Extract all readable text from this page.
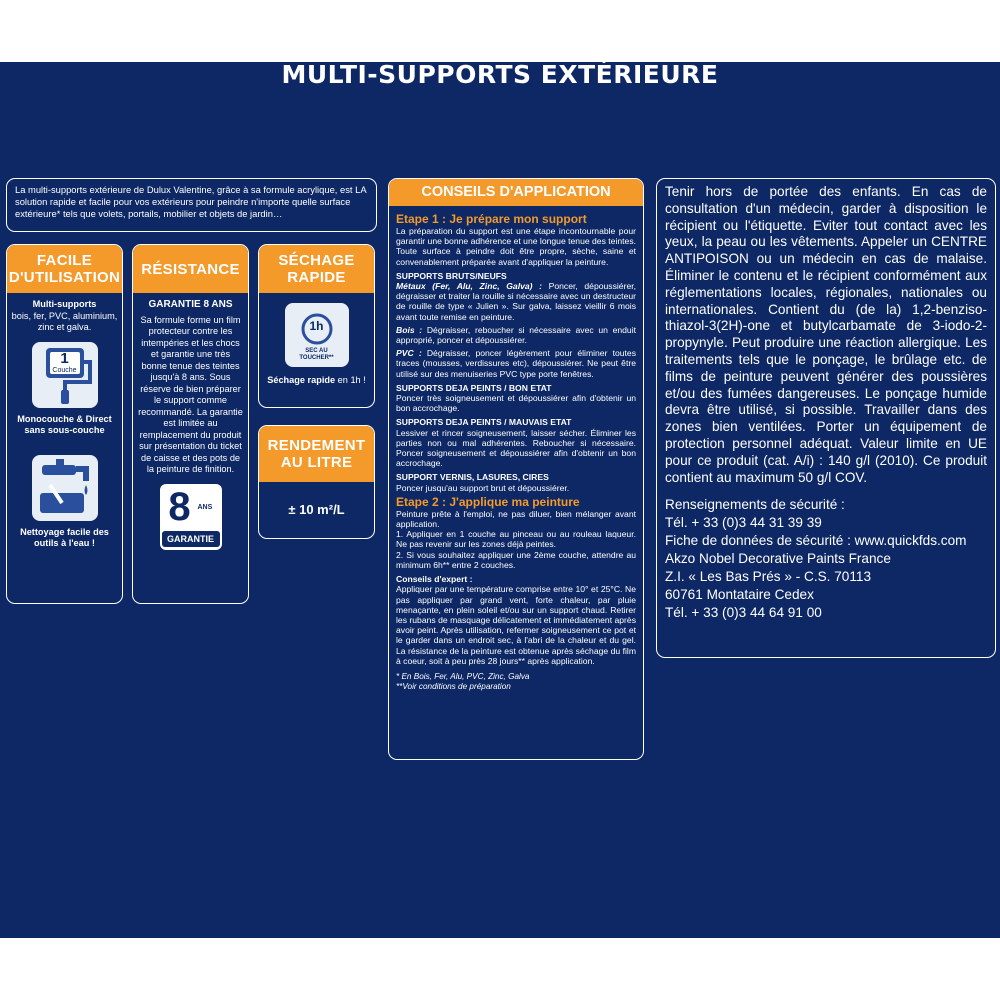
MULTI-SUPPORTS EXTÉRIEURE
La multi-supports extérieure de Dulux Valentine, grâce à sa formule acrylique, est LA solution rapide et facile pour vos extérieurs pour peindre n'importe quelle surface extérieure* tels que volets, portails, mobilier et objets de jardin…
FACILE D'UTILISATION
Multi-supports
bois, fer, PVC, aluminium, zinc et galva.
1
Couche
Monocouche & Direct sans sous-couche
Nettoyage facile des outils à l'eau !
RÉSISTANCE
GARANTIE 8 ANS
Sa formule forme un film protecteur contre les intempéries et les chocs et garantie une très bonne tenue des teintes jusqu'à 8 ans. Sous réserve de bien préparer le support comme recommandé. La garantie est limitée au remplacement du produit sur présentation du ticket de caisse et des pots de la peinture de finition.
8 ANS
GARANTIE
SÉCHAGE RAPIDE
1h
SEC AU TOUCHER**
Séchage rapide en 1h !
RENDEMENT AU LITRE
± 10 m²/L
CONSEILS D'APPLICATION
Etape 1 : Je prépare mon support
La préparation du support est une étape incontournable pour garantir une bonne adhérence et une longue tenue des teintes. Toute surface à peindre doit être propre, sèche, saine et convenablement préparée avant d'appliquer la peinture.
SUPPORTS BRUTS/NEUFS
Métaux (Fer, Alu, Zinc, Galva) : Poncer, dépoussiérer, dégraisser et traiter la rouille si nécessaire avec un destructeur de rouille de type « Julien ». Sur galva, laissez vieillir 6 mois avant toute remise en peinture.
Bois : Dégraisser, reboucher si nécessaire avec un enduit approprié, poncer et dépoussiérer.
PVC : Dégraisser, poncer légèrement pour éliminer toutes traces (mousses, verdissures etc), dépoussiérer. Ne peut être utilisé sur des menuiseries PVC type porte fenêtres.
SUPPORTS DEJA PEINTS / BON ETAT
Poncer très soigneusement et dépoussiérer afin d'obtenir un bon accrochage.
SUPPORTS DEJA PEINTS / MAUVAIS ETAT
Lessiver et rincer soigneusement, laisser sécher. Éliminer les parties non ou mal adhérentes. Reboucher si nécessaire. Poncer soigneusement et dépoussiérer afin d'obtenir un bon accrochage.
SUPPORT VERNIS, LASURES, CIRES
Poncer jusqu'au support brut et dépoussiérer.
Etape 2 : J'applique ma peinture
Peinture prête à l'emploi, ne pas diluer, bien mélanger avant application.
1. Appliquer en 1 couche au pinceau ou au rouleau laqueur. Ne pas revenir sur les zones déjà peintes.
2. Si vous souhaitez appliquer une 2ème couche, attendre au minimum 6h** entre 2 couches.
Conseils d'expert :
Appliquer par une température comprise entre 10° et 25°C. Ne pas appliquer par grand vent, forte chaleur, par pluie menaçante, en plein soleil et/ou sur un support chaud. Retirer les rubans de masquage délicatement et immédiatement après avoir peint. Après utilisation, refermer soigneusement ce pot et le garder dans un endroit sec, à l'abri de la chaleur et du gel. La résistance de la peinture est obtenue après séchage du film à coeur, soit à peu près 28 jours** après application.
* En Bois, Fer, Alu, PVC, Zinc, Galva
**Voir conditions de préparation
Tenir hors de portée des enfants. En cas de consultation d'un médecin, garder à disposition le récipient ou l'étiquette. Eviter tout contact avec les yeux, la peau ou les vêtements. Appeler un CENTRE ANTIPOISON ou un médecin en cas de malaise. Éliminer le contenu et le récipient conformément aux réglementations locales, régionales, nationales ou internationales. Contient du (de la) 1,2-benziso-thiazol-3(2H)-one et butylcarbamate de 3-iodo-2-propynyle. Peut produire une réaction allergique. Les traitements tels que le ponçage, le brûlage etc. de films de peinture peuvent générer des poussières et/ou des fumées dangereuses. Le ponçage humide devra être utilisé, si possible. Travailler dans des zones bien ventilées. Porter un équipement de protection personnel adéquat. Valeur limite en UE pour ce produit (cat. A/i) : 140 g/l (2010). Ce produit contient au maximum 50 g/l COV.
Renseignements de sécurité :
Tél. + 33 (0)3 44 31 39 39
Fiche de données de sécurité : www.quickfds.com
Akzo Nobel Decorative Paints France
Z.I. « Les Bas Prés » - C.S. 70113
60761 Montataire Cedex
Tél. + 33 (0)3 44 64 91 00
